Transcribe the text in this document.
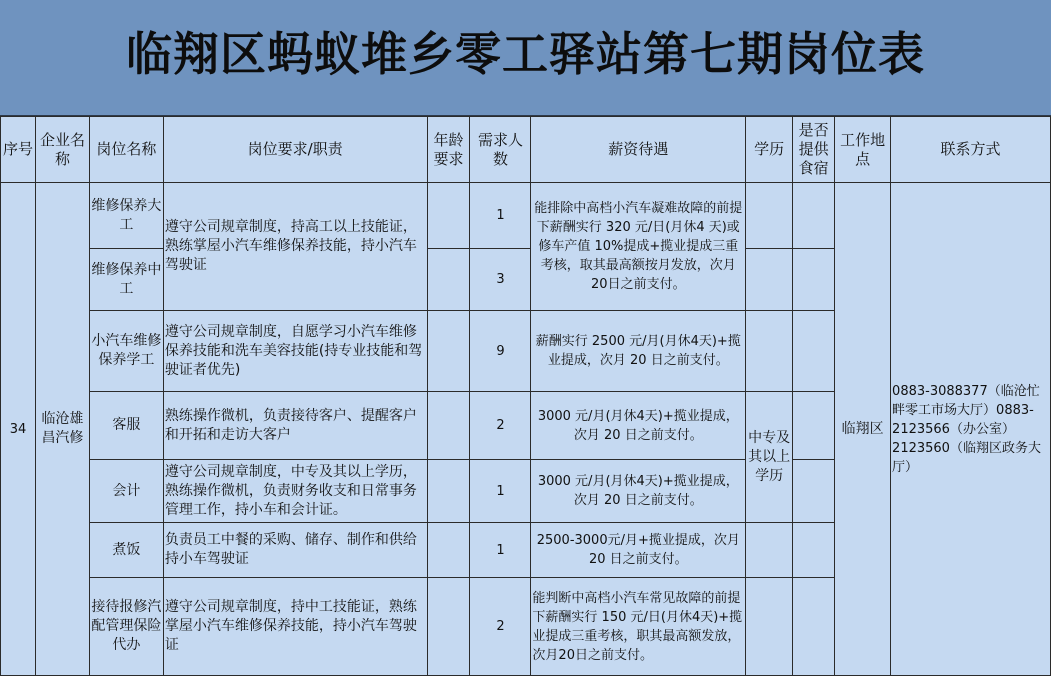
临翔区蚂蚁堆乡零工驿站第七期岗位表
序号	企业名称	岗位名称	岗位要求/职责	年龄要求	需求人数	薪资待遇	学历	是否提供食宿	工作地点	联系方式
34	临沧雄昌汽修	维修保养大工	遵守公司规章制度，持高工以上技能证，熟练掌屋小汽车维修保养技能，持小汽车驾驶证		1	能排除中高档小汽车凝难故障的前提下薪酬实行 320 元/日(月休4 天)或修车产值 10%提成+揽业提成三重考核，取其最高额按月发放，次月 20日之前支付。			临翔区	0883-3088377（临沧忙畔零工市场大厅）0883-2123566（办公室）2123560（临翔区政务大厅）
		维修保养中工			3					
		小汽车维修保养学工	遵守公司规章制度，自愿学习小汽车维修保养技能和洗车美容技能(持专业技能和驾驶证者优先)		9	薪酬实行 2500 元/月(月休4天)+揽业提成，次月 20 日之前支付。				
		客服	熟练操作微机，负责接待客户、提醒客户和开拓和走访大客户		2	3000 元/月(月休4天)+揽业提成，次月 20 日之前支付。	中专及其以上学历			
		会计	遵守公司规章制度，中专及其以上学历，熟练操作微机，负责财务收支和日常事务管理工作，持小车和会计证。		1	3000 元/月(月休4天)+揽业提成，次月 20 日之前支付。				
		煮饭	负责员工中餐的采购、储存、制作和供给持小车驾驶证		1	2500-3000元/月+揽业提成，次月 20 日之前支付。				
		接待报修汽配管理保险代办	遵守公司规章制度，持中工技能证，熟练掌屋小汽车维修保养技能，持小汽车驾驶证		2	能判断中高档小汽车常见故障的前提下薪酬实行 150 元/日(月休4天)+揽业提成三重考核，职其最高额发放，次月20日之前支付。				
